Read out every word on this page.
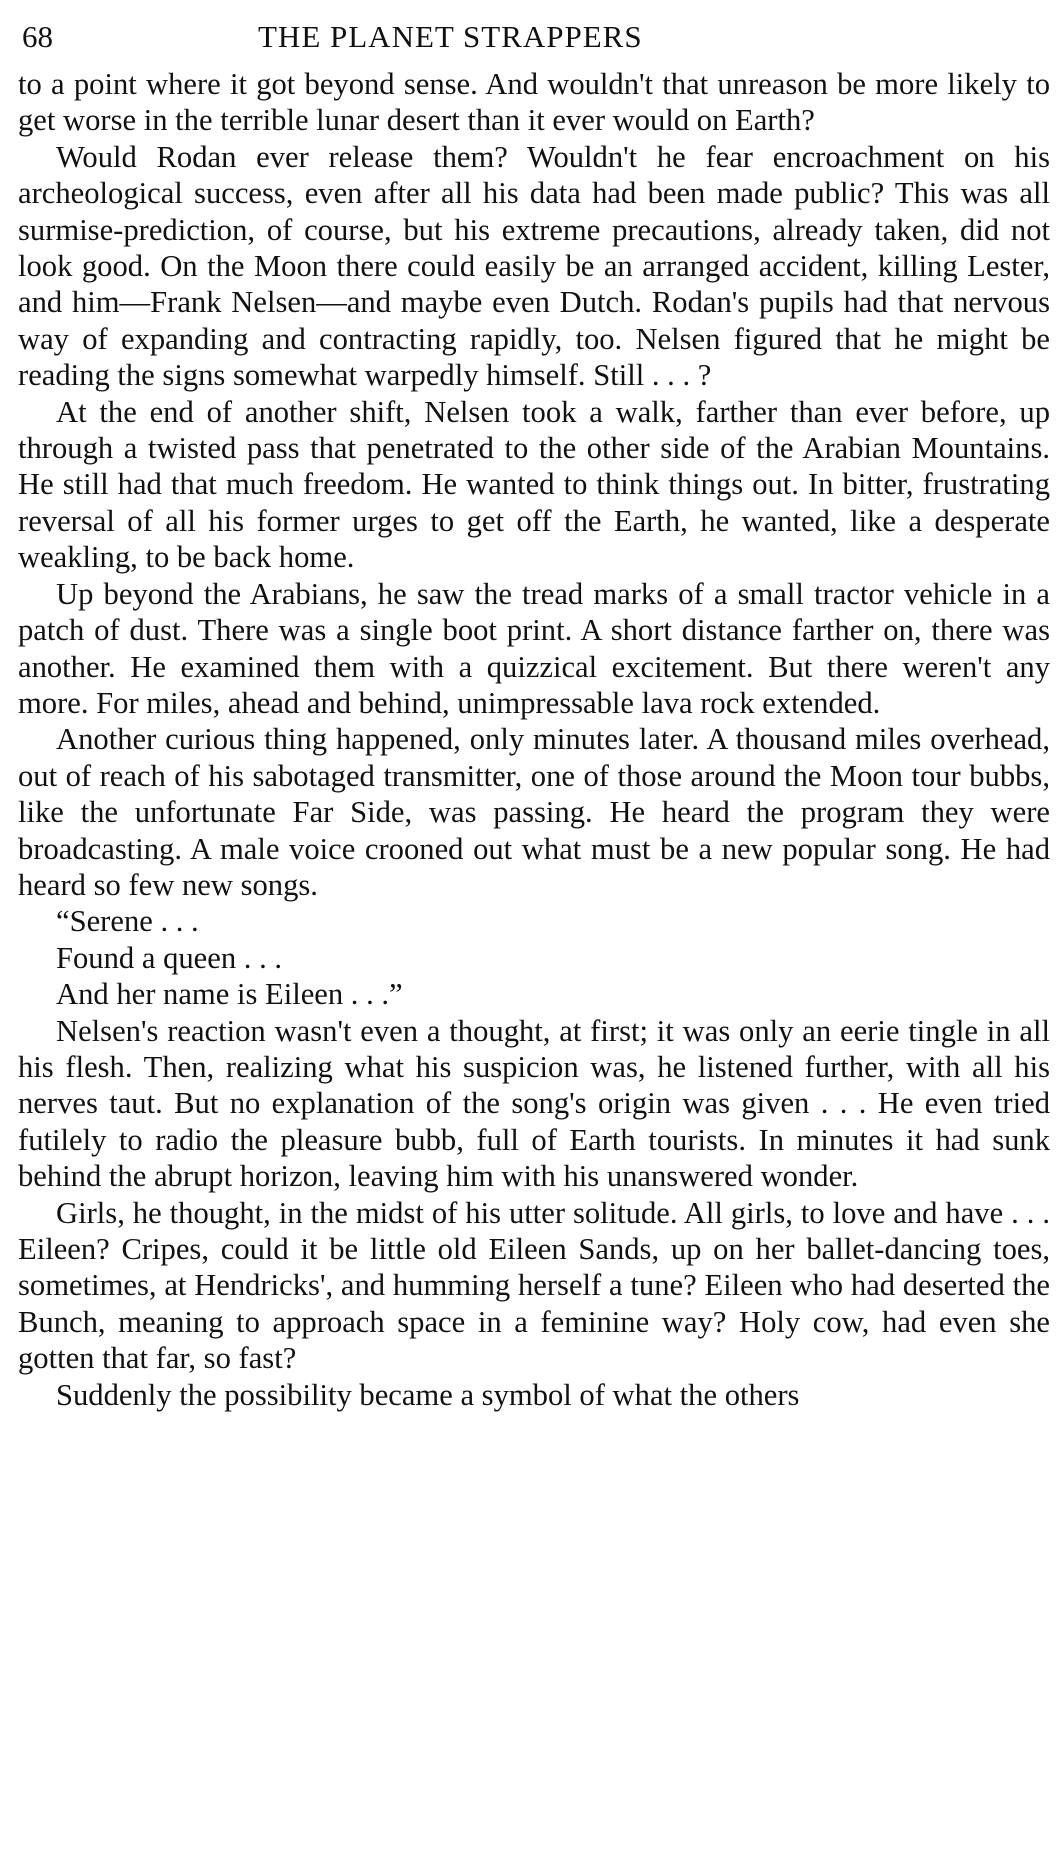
68	THE PLANET STRAPPERS

to a point where it got beyond sense. And wouldn't that unreason be more likely to get worse in the terrible lunar desert than it ever would on Earth?

Would Rodan ever release them? Wouldn't he fear encroachment on his archeological success, even after all his data had been made public? This was all surmise-prediction, of course, but his extreme precautions, already taken, did not look good. On the Moon there could easily be an arranged accident, killing Lester, and him—Frank Nelsen—and maybe even Dutch. Rodan's pupils had that nervous way of expanding and contracting rapidly, too. Nelsen figured that he might be reading the signs somewhat warpedly himself. Still . . . ?

At the end of another shift, Nelsen took a walk, farther than ever before, up through a twisted pass that penetrated to the other side of the Arabian Mountains. He still had that much freedom. He wanted to think things out. In bitter, frustrating reversal of all his former urges to get off the Earth, he wanted, like a desperate weakling, to be back home.

Up beyond the Arabians, he saw the tread marks of a small tractor vehicle in a patch of dust. There was a single boot print. A short distance farther on, there was another. He examined them with a quizzical excitement. But there weren't any more. For miles, ahead and behind, unimpressable lava rock extended.

Another curious thing happened, only minutes later. A thousand miles overhead, out of reach of his sabotaged transmitter, one of those around the Moon tour bubbs, like the unfortunate Far Side, was passing. He heard the program they were broadcasting. A male voice crooned out what must be a new popular song. He had heard so few new songs.

“Serene . . .

Found a queen . . .

And her name is Eileen . . .”

Nelsen's reaction wasn't even a thought, at first; it was only an eerie tingle in all his flesh. Then, realizing what his suspicion was, he listened further, with all his nerves taut. But no explanation of the song's origin was given . . . He even tried futilely to radio the pleasure bubb, full of Earth tourists. In minutes it had sunk behind the abrupt horizon, leaving him with his unanswered wonder.

Girls, he thought, in the midst of his utter solitude. All girls, to love and have . . . Eileen? Cripes, could it be little old Eileen Sands, up on her ballet-dancing toes, sometimes, at Hendricks', and humming herself a tune? Eileen who had deserted the Bunch, meaning to approach space in a feminine way? Holy cow, had even she gotten that far, so fast?

Suddenly the possibility became a symbol of what the others
